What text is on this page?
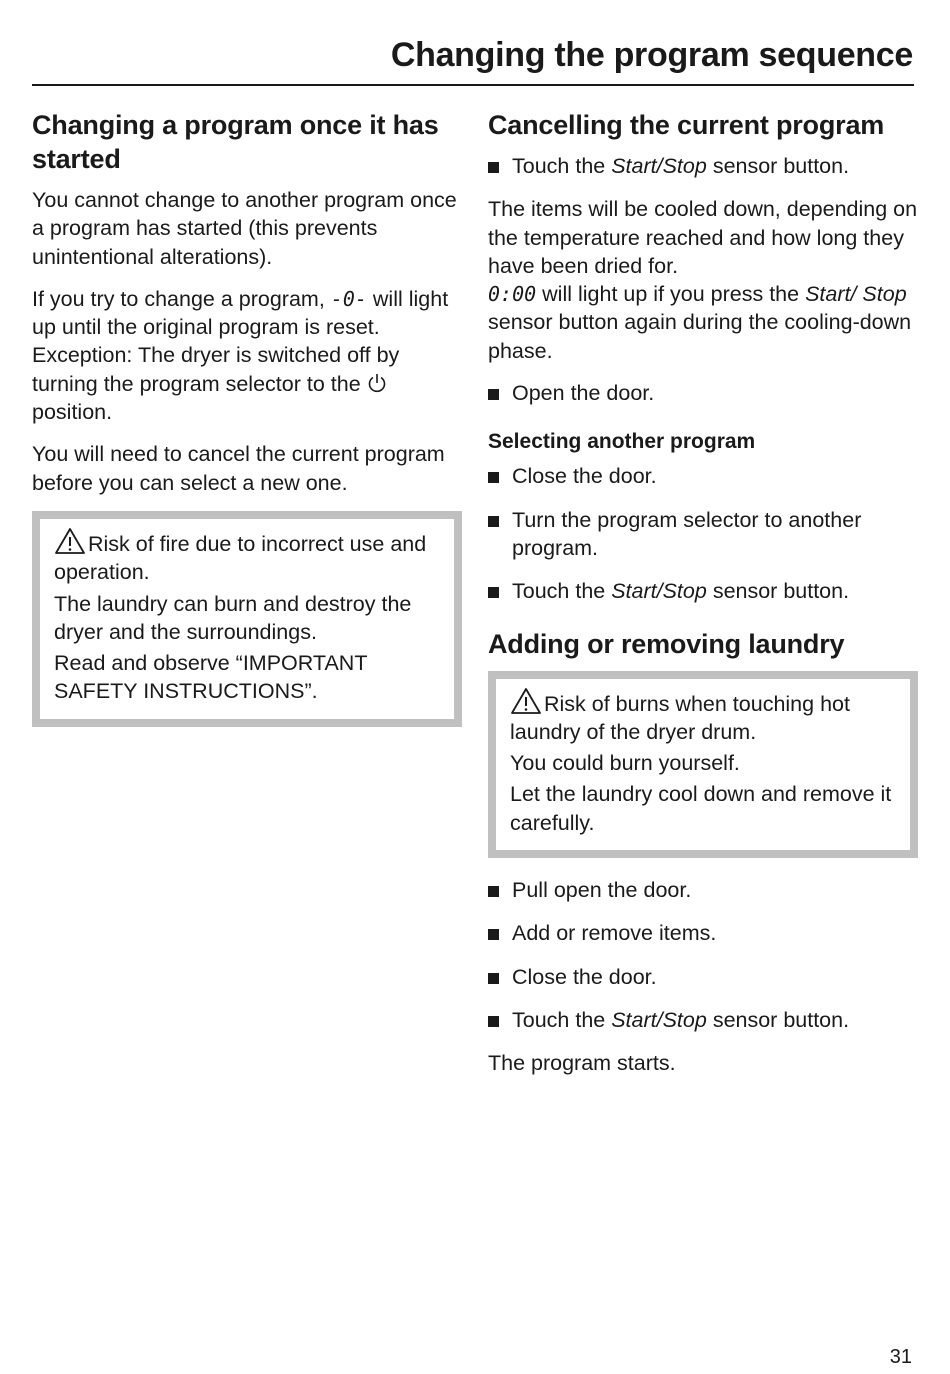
Changing the program sequence
Changing a program once it has started

You cannot change to another program once a program has started (this prevents unintentional alterations).

If you try to change a program, -0- will light up until the original program is reset.
Exception: The dryer is switched off by turning the program selector to the
position.

You will need to cancel the current program before you can select a new one.

Risk of fire due to incorrect use and operation.
The laundry can burn and destroy the dryer and the surroundings.
Read and observe “IMPORTANT SAFETY INSTRUCTIONS”.
Cancelling the current program
Touch the Start/Stop sensor button.

The items will be cooled down, depending on the temperature reached and how long they have been dried for.
0:00 will light up if you press the Start/ Stop sensor button again during the cooling-down phase.

Open the door.
Selecting another program
Close the door.
Turn the program selector to another program.
Touch the Start/Stop sensor button.
Adding or removing laundry
Risk of burns when touching hot laundry of the dryer drum.
You could burn yourself.
Let the laundry cool down and remove it carefully.
Pull open the door.
Add or remove items.
Close the door.
Touch the Start/Stop sensor button.

The program starts.

31
